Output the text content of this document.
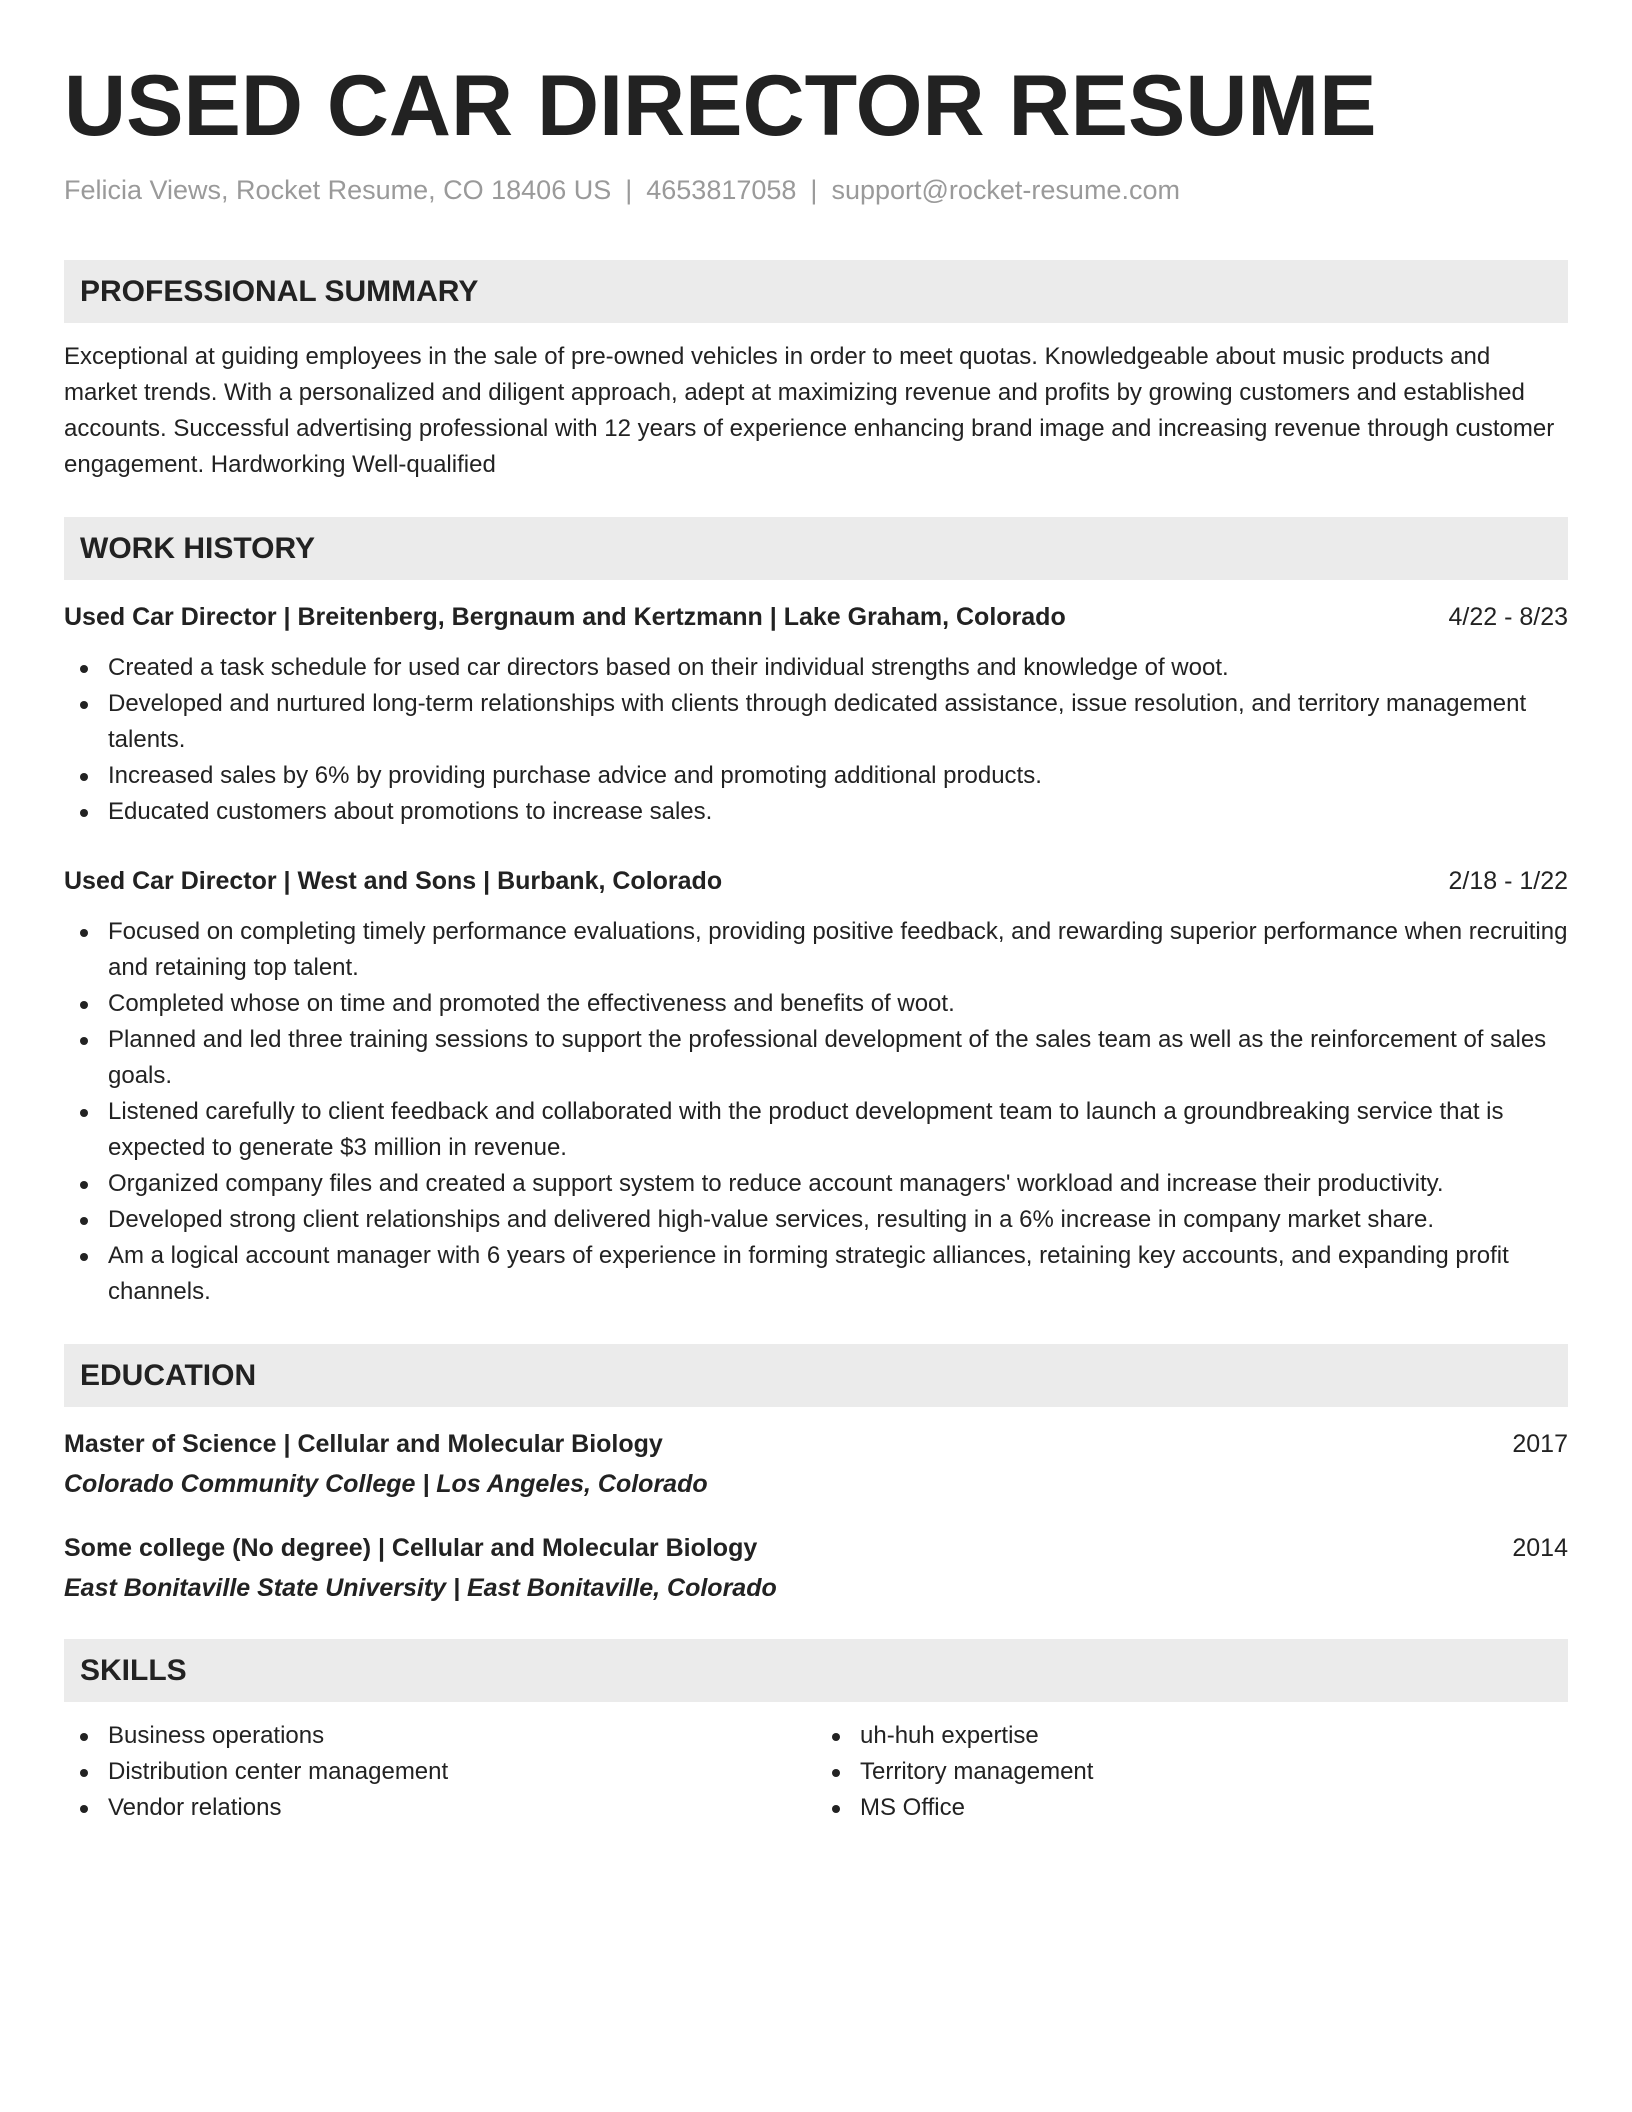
USED CAR DIRECTOR RESUME
Felicia Views, Rocket Resume, CO 18406 US | 4653817058 | support@rocket-resume.com
PROFESSIONAL SUMMARY
Exceptional at guiding employees in the sale of pre-owned vehicles in order to meet quotas. Knowledgeable about music products and market trends. With a personalized and diligent approach, adept at maximizing revenue and profits by growing customers and established accounts. Successful advertising professional with 12 years of experience enhancing brand image and increasing revenue through customer engagement. Hardworking Well-qualified
WORK HISTORY
Used Car Director | Breitenberg, Bergnaum and Kertzmann | Lake Graham, Colorado	4/22 - 8/23
Created a task schedule for used car directors based on their individual strengths and knowledge of woot.
Developed and nurtured long-term relationships with clients through dedicated assistance, issue resolution, and territory management talents.
Increased sales by 6% by providing purchase advice and promoting additional products.
Educated customers about promotions to increase sales.
Used Car Director | West and Sons | Burbank, Colorado	2/18 - 1/22
Focused on completing timely performance evaluations, providing positive feedback, and rewarding superior performance when recruiting and retaining top talent.
Completed whose on time and promoted the effectiveness and benefits of woot.
Planned and led three training sessions to support the professional development of the sales team as well as the reinforcement of sales goals.
Listened carefully to client feedback and collaborated with the product development team to launch a groundbreaking service that is expected to generate $3 million in revenue.
Organized company files and created a support system to reduce account managers' workload and increase their productivity.
Developed strong client relationships and delivered high-value services, resulting in a 6% increase in company market share.
Am a logical account manager with 6 years of experience in forming strategic alliances, retaining key accounts, and expanding profit channels.
EDUCATION
Master of Science | Cellular and Molecular Biology	2017
Colorado Community College | Los Angeles, Colorado
Some college (No degree) | Cellular and Molecular Biology	2014
East Bonitaville State University | East Bonitaville, Colorado
SKILLS
Business operations
Distribution center management
Vendor relations
uh-huh expertise
Territory management
MS Office
